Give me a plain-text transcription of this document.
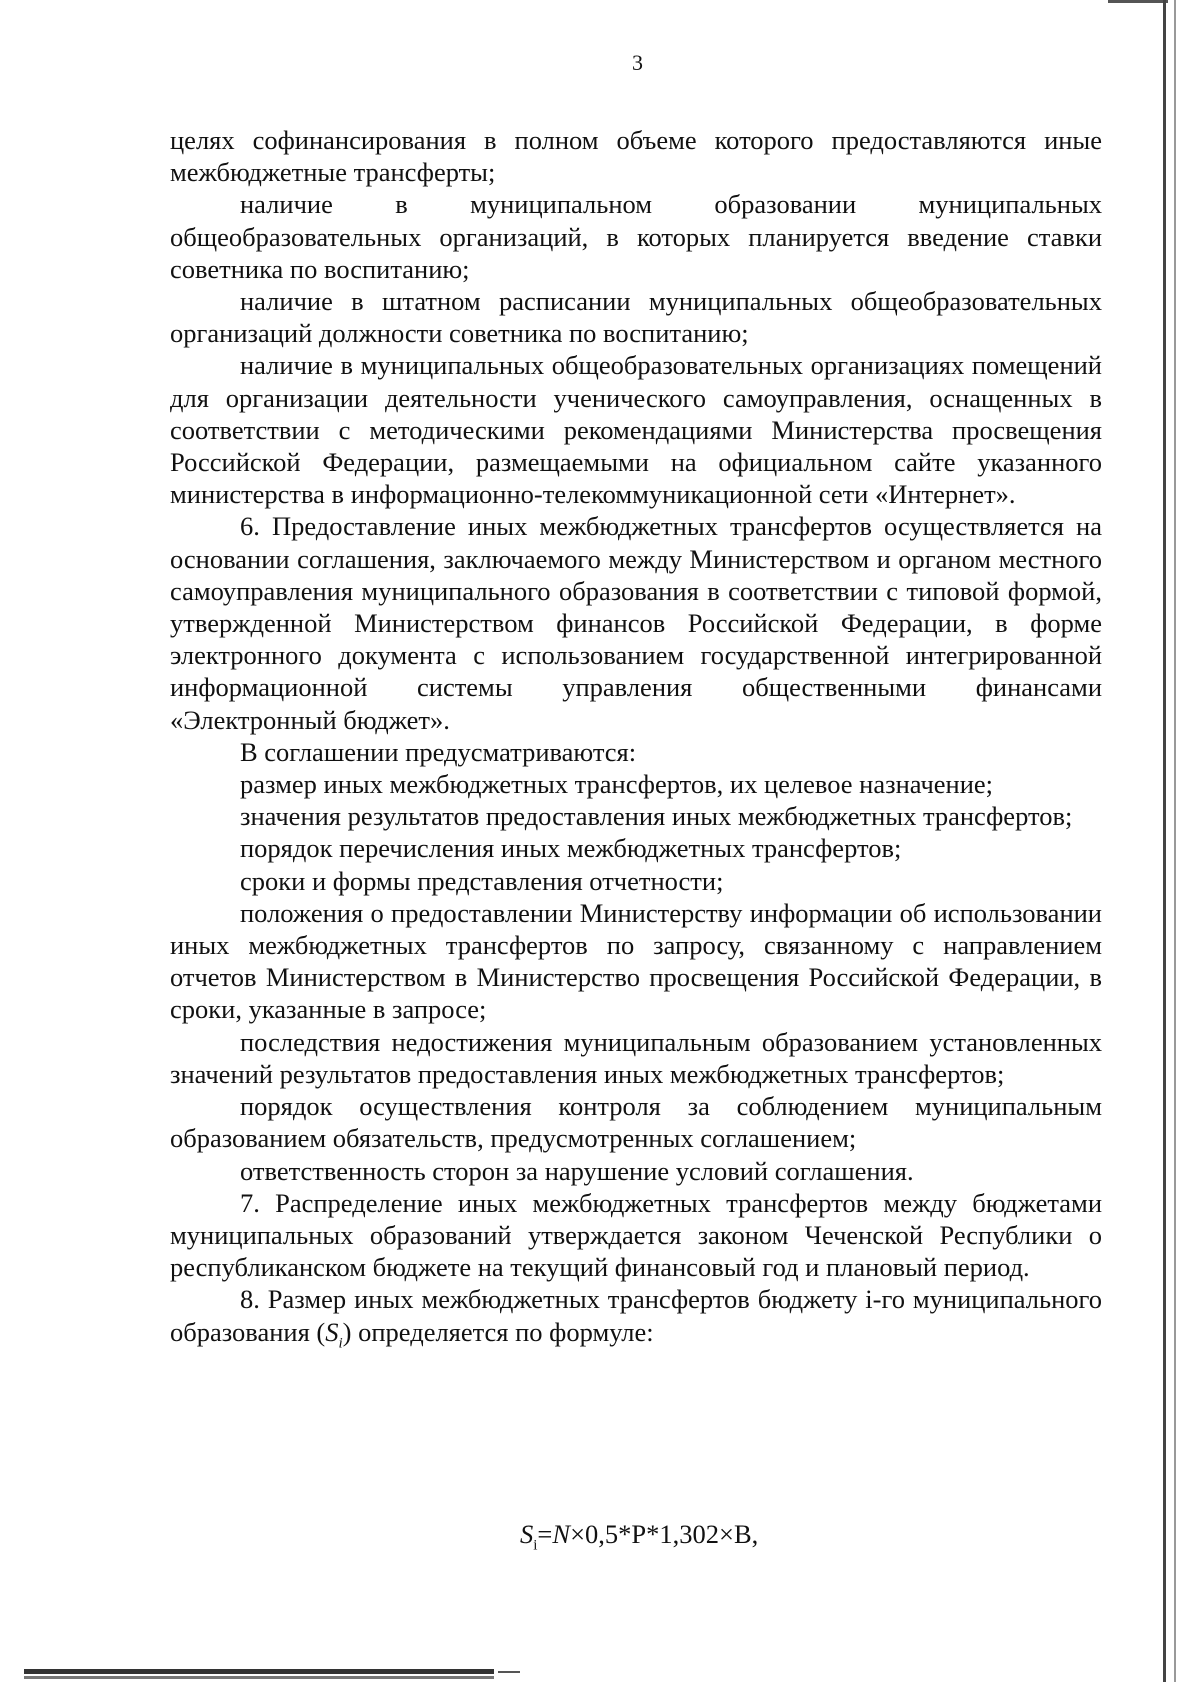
3

целях софинансирования в полном объеме которого предоставляются иные межбюджетные трансферты;

наличие в муниципальном образовании муниципальных общеобразовательных организаций, в которых планируется введение ставки советника по воспитанию;

наличие в штатном расписании муниципальных общеобразовательных организаций должности советника по воспитанию;

наличие в муниципальных общеобразовательных организациях помещений для организации деятельности ученического самоуправления, оснащенных в соответствии с методическими рекомендациями Министерства просвещения Российской Федерации, размещаемыми на официальном сайте указанного министерства в информационно-телекоммуникационной сети «Интернет».

6. Предоставление иных межбюджетных трансфертов осуществляется на основании соглашения, заключаемого между Министерством и органом местного самоуправления муниципального образования в соответствии с типовой формой, утвержденной Министерством финансов Российской Федерации, в форме электронного документа с использованием государственной интегрированной информационной системы управления общественными финансами «Электронный бюджет».

В соглашении предусматриваются:

размер иных межбюджетных трансфертов, их целевое назначение;

значения результатов предоставления иных межбюджетных трансфертов;

порядок перечисления иных межбюджетных трансфертов;

сроки и формы представления отчетности;

положения о предоставлении Министерству информации об использовании иных межбюджетных трансфертов по запросу, связанному с направлением отчетов Министерством в Министерство просвещения Российской Федерации, в сроки, указанные в запросе;

последствия недостижения муниципальным образованием установленных значений результатов предоставления иных межбюджетных трансфертов;

порядок осуществления контроля за соблюдением муниципальным образованием обязательств, предусмотренных соглашением;

ответственность сторон за нарушение условий соглашения.

7. Распределение иных межбюджетных трансфертов между бюджетами муниципальных образований утверждается законом Чеченской Республики о республиканском бюджете на текущий финансовый год и плановый период.

8. Размер иных межбюджетных трансфертов бюджету i-го муниципального образования $(S_i)$ определяется по формуле:

$S_i=N\times 0,5*P*1,302\times B$,
